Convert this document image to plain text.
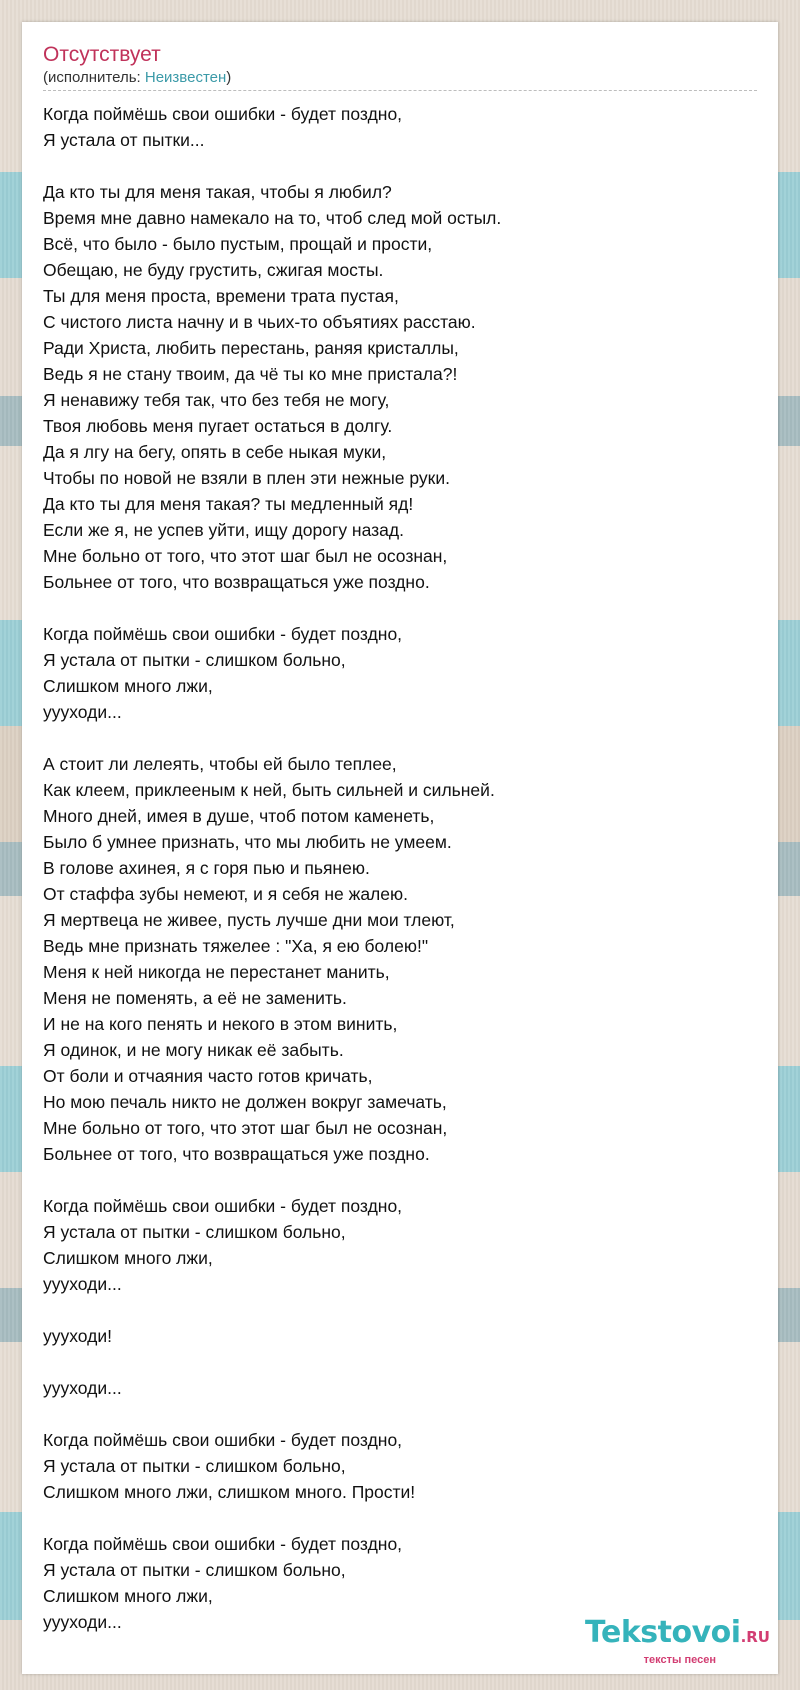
Отсутствует
(исполнитель: Неизвестен)
Когда поймёшь свои ошибки - будет поздно,
Я устала от пытки...
Да кто ты для меня такая, чтобы я любил?
Время мне давно намекало на то, чтоб след мой остыл.
Всё, что было - было пустым, прощай и прости,
Обещаю, не буду грустить, сжигая мосты.
Ты для меня проста, времени трата пустая,
С чистого листа начну и в чьих-то объятиях расстаю.
Ради Христа, любить перестань, раняя кристаллы,
Ведь я не стану твоим, да чё ты ко мне пристала?!
Я ненавижу тебя так, что без тебя не могу,
Твоя любовь меня пугает остаться в долгу.
Да я лгу на бегу, опять в себе ныкая муки,
Чтобы по новой не взяли в плен эти нежные руки.
Да кто ты для меня такая? ты медленный яд!
Если же я, не успев уйти, ищу дорогу назад.
Мне больно от того, что этот шаг был не осознан,
Больнее от того, что возвращаться уже поздно.
Когда поймёшь свои ошибки - будет поздно,
Я устала от пытки - слишком больно,
Слишком много лжи,
уууходи...
А стоит ли лелеять, чтобы ей было теплее,
Как клеем, приклееным к ней, быть сильней и сильней.
Много дней, имея в душе, чтоб потом каменеть,
Было б умнее признать, что мы любить не умеем.
В голове ахинея, я с горя пью и пьянею.
От стаффа зубы немеют, и я себя не жалею.
Я мертвеца не живее, пусть лучше дни мои тлеют,
Ведь мне признать тяжелее : "Ха, я ею болею!"
Меня к ней никогда не перестанет манить,
Меня не поменять, а её не заменить.
И не на кого пенять и некого в этом винить,
Я одинок, и не могу никак её забыть.
От боли и отчаяния часто готов кричать,
Но мою печаль никто не должен вокруг замечать,
Мне больно от того, что этот шаг был не осознан,
Больнее от того, что возвращаться уже поздно.
Когда поймёшь свои ошибки - будет поздно,
Я устала от пытки - слишком больно,
Слишком много лжи,
уууходи...
уууходи!
уууходи...
Когда поймёшь свои ошибки - будет поздно,
Я устала от пытки - слишком больно,
Слишком много лжи, слишком много. Прости!
Когда поймёшь свои ошибки - будет поздно,
Я устала от пытки - слишком больно,
Слишком много лжи,
уууходи...	Tekstovoi.RU
тексты песен
